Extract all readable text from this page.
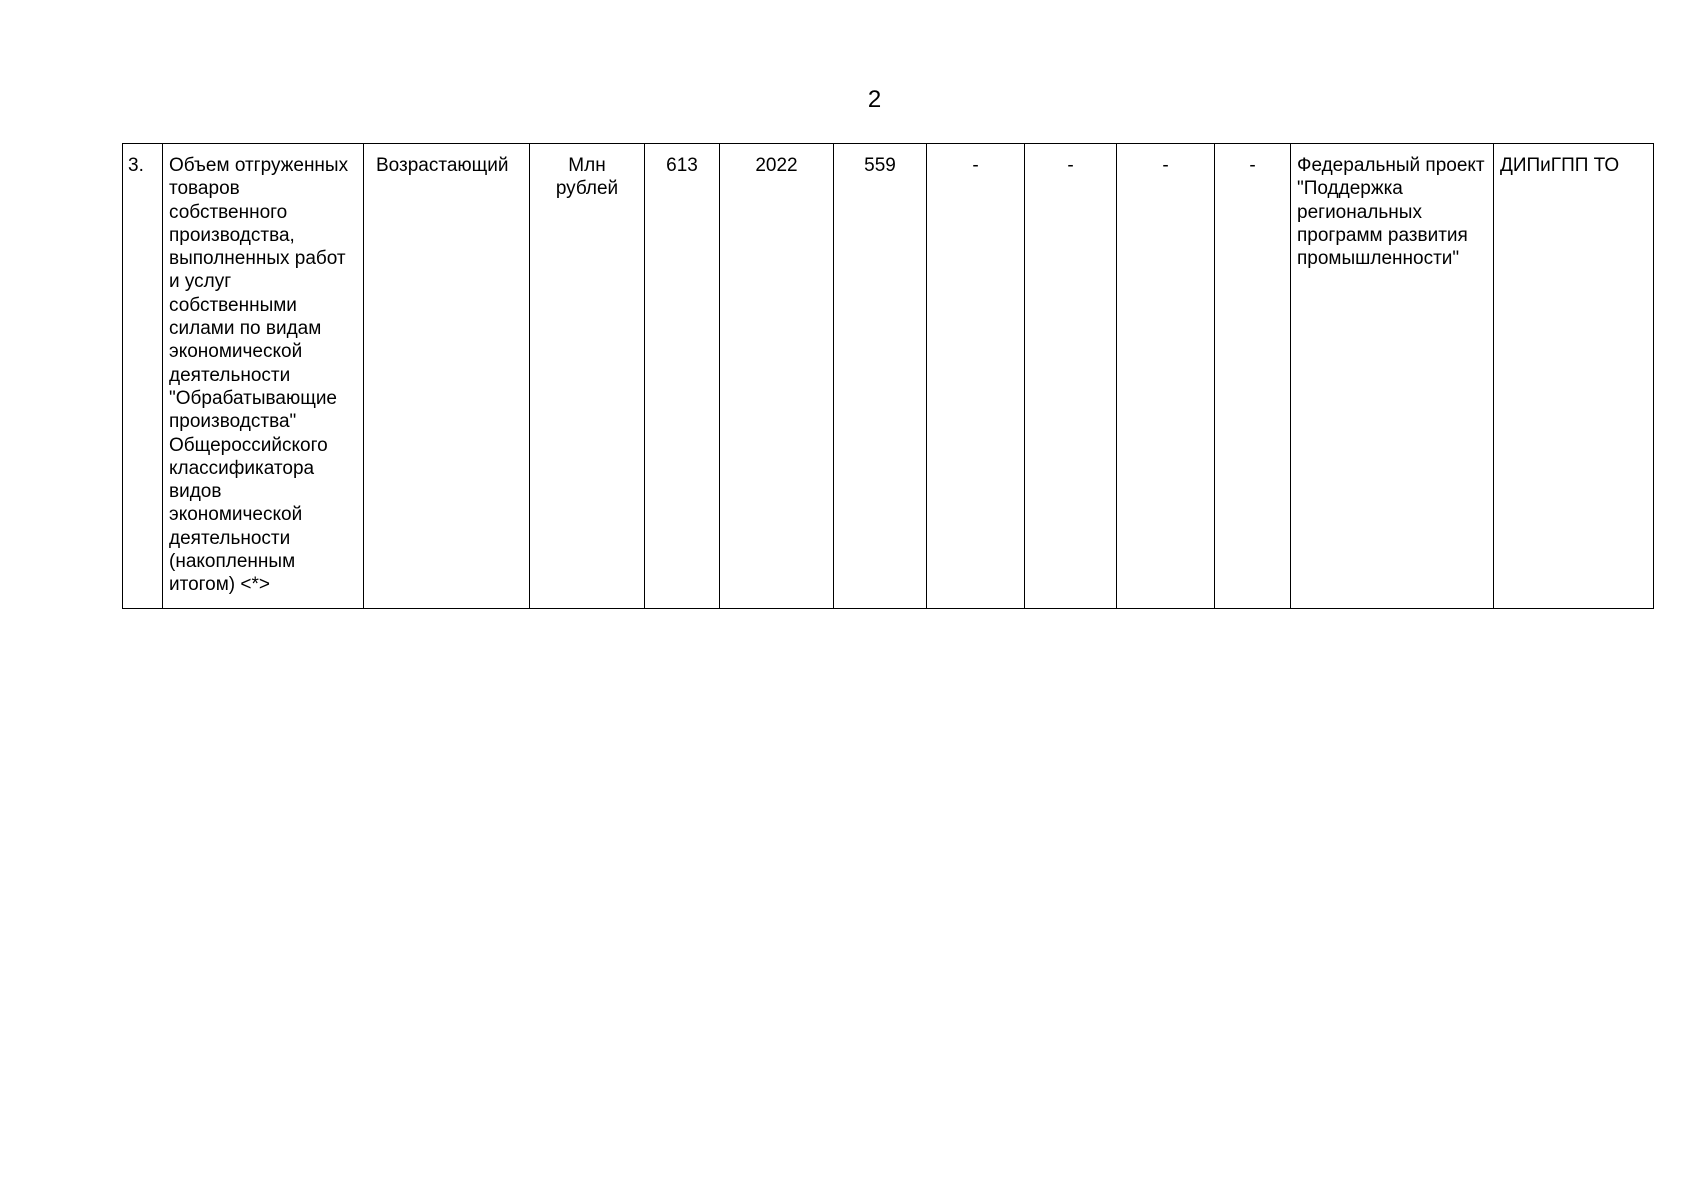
2
3.	Объем отгруженных товаров собственного производства, выполненных работ и услуг собственными силами по видам экономической деятельности "Обрабатывающие производства" Общероссийского классификатора видов экономической деятельности (накопленным итогом) <*>	Возрастающий	Млн рублей	613	2022	559	-	-	-	-	Федеральный проект "Поддержка региональных программ развития промышленности"	ДИПиГПП ТО
